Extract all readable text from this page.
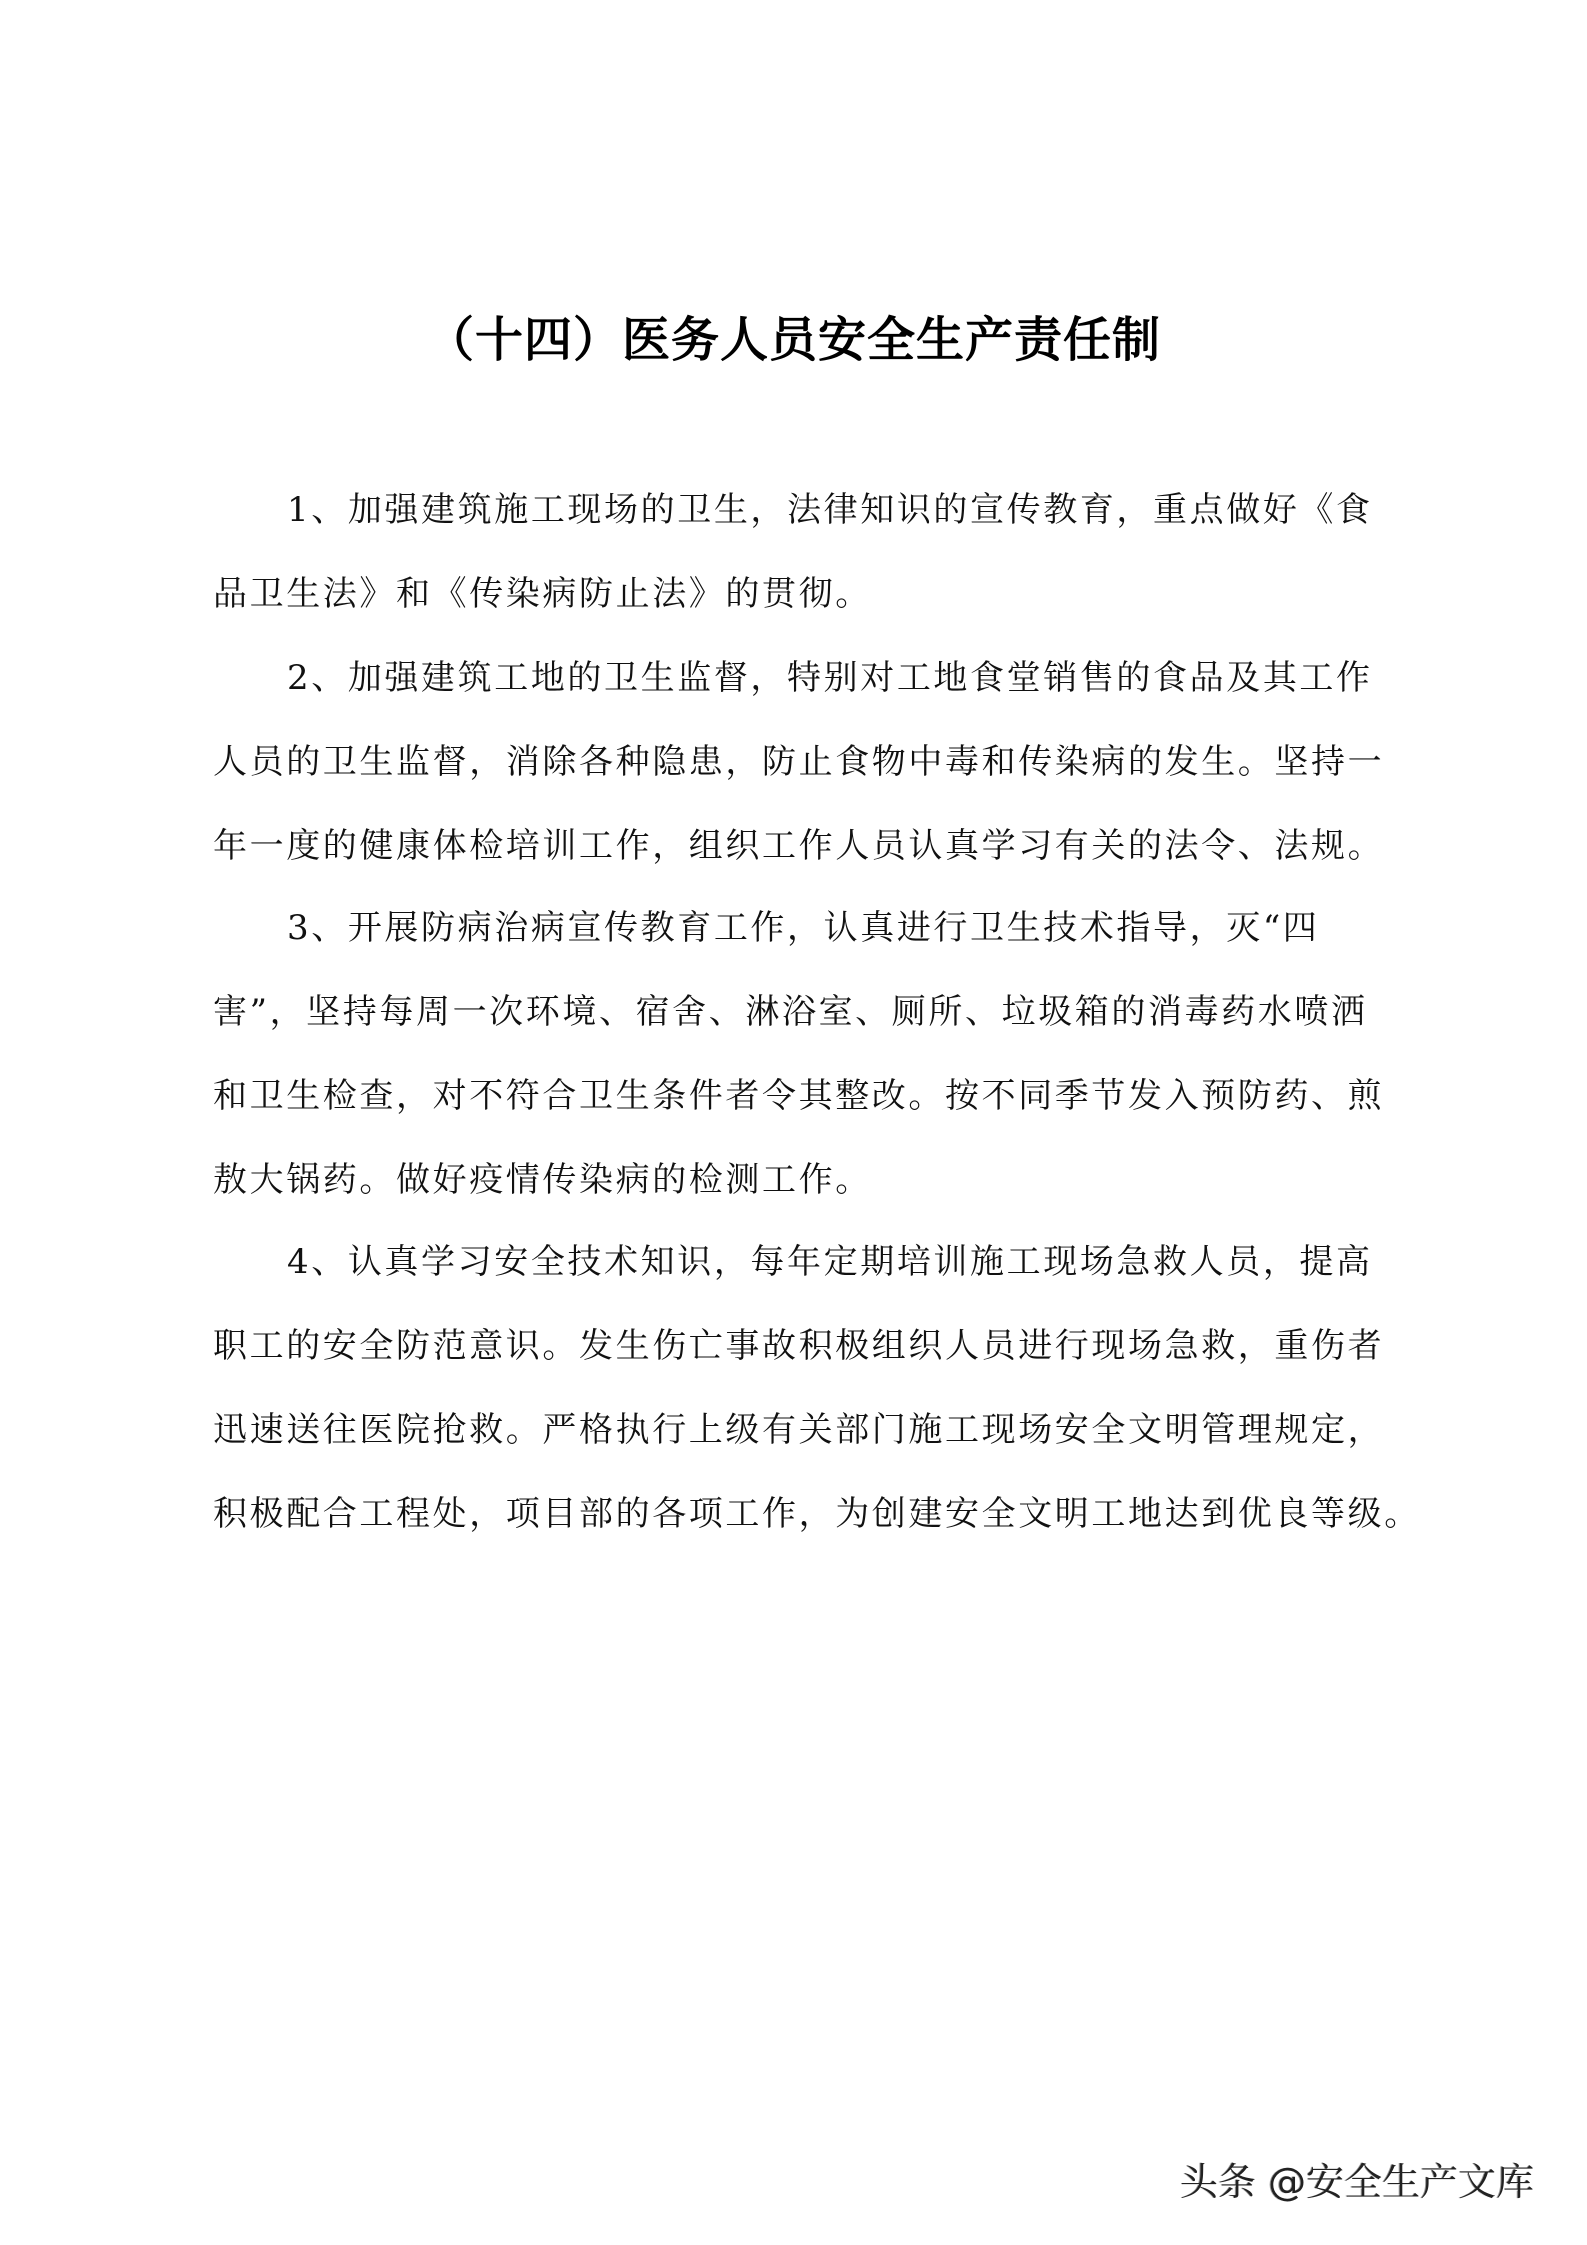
（十四）医务人员安全生产责任制
1、加强建筑施工现场的卫生，法律知识的宣传教育，重点做好《食
品卫生法》和《传染病防止法》的贯彻。
2、加强建筑工地的卫生监督，特别对工地食堂销售的食品及其工作
人员的卫生监督，消除各种隐患，防止食物中毒和传染病的发生。坚持一
年一度的健康体检培训工作，组织工作人员认真学习有关的法令、法规。
3、开展防病治病宣传教育工作，认真进行卫生技术指导，灭“四
害”，坚持每周一次环境、宿舍、淋浴室、厕所、垃圾箱的消毒药水喷洒
和卫生检查，对不符合卫生条件者令其整改。按不同季节发入预防药、煎
敖大锅药。做好疫情传染病的检测工作。
4、认真学习安全技术知识，每年定期培训施工现场急救人员，提高
职工的安全防范意识。发生伤亡事故积极组织人员进行现场急救，重伤者
迅速送往医院抢救。严格执行上级有关部门施工现场安全文明管理规定，
积极配合工程处，项目部的各项工作，为创建安全文明工地达到优良等级。
头条 @安全生产文库
